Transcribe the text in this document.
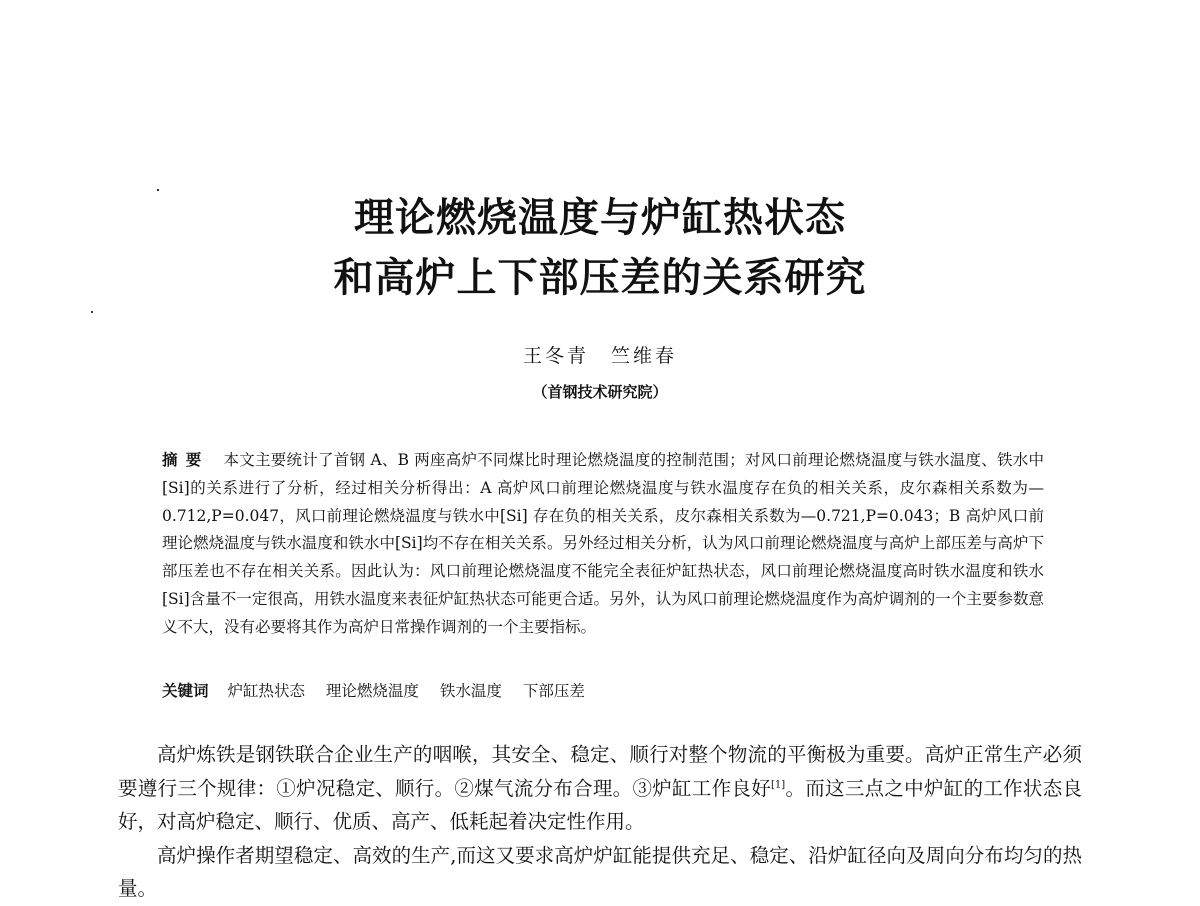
理论燃烧温度与炉缸热状态
和高炉上下部压差的关系研究
王冬青　竺维春
（首钢技术研究院）
摘要 本文主要统计了首钢 A、B 两座高炉不同煤比时理论燃烧温度的控制范围；对风口前理论燃烧温度与铁水温度、铁水中[Si]的关系进行了分析，经过相关分析得出：A 高炉风口前理论燃烧温度与铁水温度存在负的相关关系，皮尔森相关系数为—0.712,P=0.047，风口前理论燃烧温度与铁水中[Si] 存在负的相关关系，皮尔森相关系数为—0.721,P=0.043；B 高炉风口前理论燃烧温度与铁水温度和铁水中[Si]均不存在相关关系。另外经过相关分析，认为风口前理论燃烧温度与高炉上部压差与高炉下部压差也不存在相关关系。因此认为：风口前理论燃烧温度不能完全表征炉缸热状态，风口前理论燃烧温度高时铁水温度和铁水[Si]含量不一定很高，用铁水温度来表征炉缸热状态可能更合适。另外，认为风口前理论燃烧温度作为高炉调剂的一个主要参数意义不大，没有必要将其作为高炉日常操作调剂的一个主要指标。
关键词 炉缸热状态 理论燃烧温度 铁水温度 下部压差

高炉炼铁是钢铁联合企业生产的咽喉，其安全、稳定、顺行对整个物流的平衡极为重要。高炉正常生产必须要遵行三个规律：①炉况稳定、顺行。②煤气流分布合理。③炉缸工作良好[1]。而这三点之中炉缸的工作状态良好，对高炉稳定、顺行、优质、高产、低耗起着决定性作用。

高炉操作者期望稳定、高效的生产,而这又要求高炉炉缸能提供充足、稳定、沿炉缸径向及周向分布均匀的热量。
